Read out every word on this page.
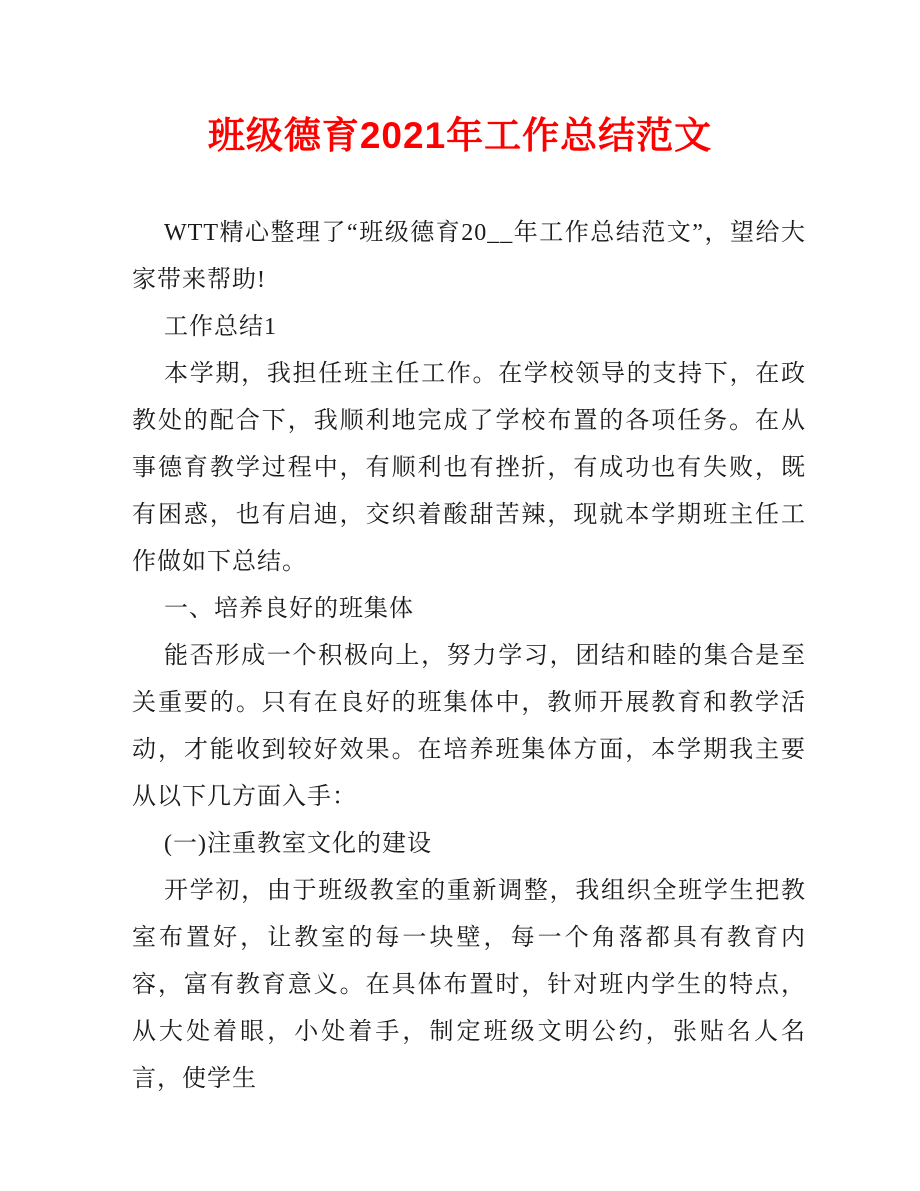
班级德育2021年工作总结范文

WTT精心整理了“班级德育20__年工作总结范文”，望给大家带来帮助!

工作总结1

本学期，我担任班主任工作。在学校领导的支持下，在政教处的配合下，我顺利地完成了学校布置的各项任务。在从事德育教学过程中，有顺利也有挫折，有成功也有失败，既有困惑，也有启迪，交织着酸甜苦辣，现就本学期班主任工作做如下总结。

一、培养良好的班集体

能否形成一个积极向上，努力学习，团结和睦的集合是至关重要的。只有在良好的班集体中，教师开展教育和教学活动，才能收到较好效果。在培养班集体方面，本学期我主要从以下几方面入手：

(一)注重教室文化的建设

开学初，由于班级教室的重新调整，我组织全班学生把教室布置好，让教室的每一块壁，每一个角落都具有教育内容，富有教育意义。在具体布置时，针对班内学生的特点，从大处着眼，小处着手，制定班级文明公约，张贴名人名言，使学生
